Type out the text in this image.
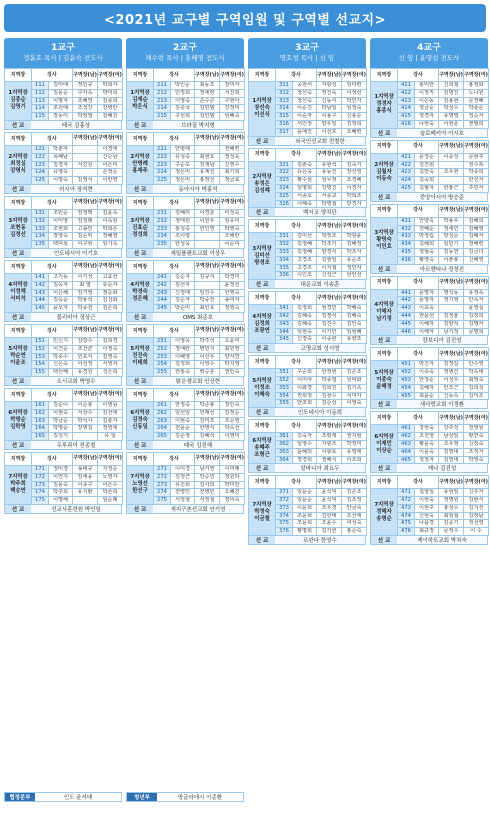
<2021년 교구별 구역임원 및 구역별 선교지>
1교구
정윤호 목사 | 김윤숙 전도사
지역장	강사		구역장(남)	구역장(여)
1지역장
김종순
김영기	111	김미애	정민규	박희자
	112	김윤순	구자옥	박미희
	113	이명자	조혜연	김종희
	114	조원예	조성강	강영란
	115	장동미	박정열	김혜진
선 교	태국 김홍상
지역장	강사		구역장(남)	구역장(여)
2지역장
최정실
강명식	121	박춘자		이경애
	122	목혜남		신순남
	123	김경자	서진원	이은미
	124	유영옥		손정순
	125	이명숙	김영식	이란영
선 교	러시아 장석현
지역장	강사		구역장(남)	구역장(여)
3지역장
조현동
김정선	131	조민순	김정택	김윤옥
	132	이미영	김정래	이옥임
	133	조현희	고송민	박희은
	134	장영숙	김순익	정혜영
	135	백덕심	이구현	임가옥
선 교	인도네시아 이기호
지역장	강사		구역장(남)	구역장(여)
4지역장
이정해
서미석	141	고기동	이기성	고효선
	142	김옥자	최 열	류순자
	143	이은혜	김기영	정승화
	144	김옥순	박용석	김성화
	145	윤오자	박종천	김은희
선 교	불리비아 정상근
지역장	강사		구역장(남)	구역장(여)
5지역장
박순연
이윤조	151	민신기	강장수	김희경
	152	이건순	조찬균	이정숙
	153	박종수	민호식	김영숙
	154	신은숙	이선정	서영자
	155	백선혜	유경원	성은희
선 교	소시교회 박영수
지역장	강사		구역장(남)	구역장(여)
6지역장
박명순
김학영	161	김순이	이순봉	이병님
	162	이현숙	서상수	김선애
	163	박금순	박석사	김충자
	164	박명순	장명집	정영애
	165	김진기		유 일
선 교	우루과이 전종철
지역장	강사		구역장(남)	구역장(여)
7지역장
박주희
백승연	171	정미경	송태규	지정순
	172	이연지	김세웅	노영자
	173	김윤숙	이종구	이은수
	174	박주희	유기환	박존희
	175	이명해		임순례
선 교	선교사훈련원 박인일
2교구
채수련 목사 | 홍혜영 전도사
지역장	강사		구역장(남)	구역장(여)
1지역장
김재순
박은식	211	박인순	최동조	장미자
	212	민정희	정세령	서진희
	213	이영숙	손수곤	구현아
	214	김종국	김민범	강정미
	215	구선희	김인범	임혜숙
선 교	브라질 박지형
지역장	강사		구역장(남)	구역장(여)
2지역장
안병례
홍재주	221	안병례		전혜련
	222	유성숙	최현호	정성옥
	223	구순도	김재남	신영수
	224	정은미	유계진	최기희
	225	정은미	홍정선	정금효
선 교	동아시아 박홍석
지역장	강사		구역장(남)	구역장(여)
3지역장
진효순
정성희	231	김혜리	이경훈	이성숙
	232	정태원	이원우	임유미
	233	홍성숙	한인영	박영숙
	234	조이령		조해란
	235	한성옥		이순미
선 교	세일플랜트교회 이상우
지역장	강사		구역장(남)	구역장(여)
4지역장
박경숙
정은혜	241	김순자	김규식	박경미
	242	김선자		윤정선
	243	신정애	임진수	한영숙
	244	김순자	박중전	송미자
	245	박순미	최인호	정영숙
선 교	OMS 최준호
지역장	강사		구역장(남)	구역장(여)
5지역장
전진숙
이태희	251	이영옥	박주석	오윤미
	252	정애란	변민식	최민영
	253	이혜영	이선우	양서연
	254	김정희	이영수	박지영
	255	권홍숙	백승훈	권인숙
선 교	맑은샘교회 인상현
지역장	강사		구역장(남)	구역장(여)
6지역장
김정숙
신동일	261	한정숙	박준봉	정인숙
	262	임선임	민재선	김정순
	263	이현숙	김미조	조순영
	264	전윤순	한명식	박옥선
	265	김준정	김혜석	이영미
선 교	태국 김진해
지역장	강사		구역장(남)	구역장(여)
7지역장
노영선
한선구	271	이미경	남기영	이미례
	272	김정근	안승민	정원하
	273	유진희	김사희	박미란
	274	전병민	전병민	오혜진
	275	서정철	서정철	정미숙
선 교	새지구촌선교회 안기영
3교구
명호성 목사 | 신 임
지역장	강사		구역장(남)	구역장(여)
1지역장
장선숙
이선식	311	공현서	자광성	임미련
	312	장선숙	정진욱	이정선
	313	장선숙	신동식	박민자
	314	이순진	박남일	임정숙
	315	이순자	이용구	신용순
	316	서민정	양우일	김정희
	317	윤예진	이선호	조혜련
선 교	외국인선교회 전철한
지역장	강사		구역장(남)	구역장(여)
2지역장
송정은
김성혜	321	김춘숙	유현석	김숙기
	322	유은옥	유동진	장선영
	323	황수심	임무정	조경혜
	324	임명희	강명진	이경자
	325	서종호	서종교	박희조
	326	이혜숙	박명철	방경자
선 교	백시코 양치단
지역장	강사		구역장(남)	구역장(여)
3지역장
김미선
방경조	331	김미선	박정조	박광윤
	332	김정혜	박조기	김혜정
	333	김정혜	양경식	박조자
	334	고경조	김현일	유순조
	335	고경조	이지철	정민자
	336	이인조	신성근	한인선
선 교	대운교회 이송훈
지역장	강사		구역장(남)	구역장(여)
4지역장
김정희
조광연	341	김정희	엄경민	박혜숙
	342	김혜숙	김정식	김혜숙
	343	김혜숙	김진수	김인숙
	344	임현숙	이기만	임현혜
	345	신정숙	이중관	유향조
선 교	고명교회 성시영
지역장	강사		구역장(남)	구역장(여)
5지역장
이정조
이혜숙	351	구순희	한정현	김은조
	352	이미야	박종열	원덕화
	353	이화경	김희진	김기옥
	354	권희정	김창수	서미자
	355	안조희	김순성	이영숙
선 교	인도네시아 이동희
지역장	강사		구역장(남)	구역장(여)
6지역장
송혜주
조형근	361	김숙자	조평재	권지현
	362	임영수	자광조	박정미
	363	윤혜희	이광효	유영애
	364	정경희	권혜식	이조희
선 교	알바니아 최요두
지역장	강사		구역장(남)	구역장(여)
7지역장
박정숙
이금철	371	임윤순	윤석덕	김은조
	372	임윤순	윤석덕	김조정
	373	이윤희	조우경	안금숙
	374	조윤희	김한태	조선애
	375	조윤희	조윤수	여성숙
	376	황명희	김기헌	홍순숙
선 교	르완다 한영수
4교구
신 임 | 윤영섭 전도사
지역장	강사		구역장(남)	구역장(여)
1지역장
정경자
홍종식	411	홍미란	신희철	홍정화
	412	이정직	김명진	노나원
	413	이은동	김용현	문정혜
	414	정금순	박성수	박종순
	415	정경자	유명열	정순자
	416	나현숙	이현운	권필희
선 교	슬로베키아 이시호
지역장	강사		구역장(남)	구역장(여)
2지역장
김월자
이동숙	421	문정순	이종성	문현주
	422	김진희		전수복
	423	김면숙	조우현	박종희
	424	김숙희		한선자
	425	김월자	한홍근	주민자
선 교	중앙아시아 방승준
지역장	강사		구역장(남)	구역장(여)
3지역장
황영숙
이민호	431	안양숙	박용우	김혜희
	432	전혜순	정세민	김혜영
	433	박정림	방성순	김해자
	434	김혜희	임민기	전해련
	435	정형숙	김동연	김금녀
	436	황영숙	이춘봉	신해영
선 교	아르헨티나 정성진
지역장	강사		구역장(남)	구역장(여)
4지역장
이해자
남기정	441	문명자	명석동	유정옥
	442	문영자	정기영	안옥자
	443	이효숙		윤영실
	444	권윤선	김정율	김정희
	445	이혜자	김양석	김명자
	446	이해자	남기정	문명희
선 교	캄보디아 김진성
지역장	강사		구역장(남)	구역장(여)
5지역장
이종숙
윤혜정	451	박진자	김정길	안수영
	452	이종숙	정병진	박옥태
	453	안정순	이성우	최영숙
	454	김혜자	안조근	김희성
	455	최윤순	신동옥	김미조
선 교	새사랑교회 이정환
지역장	강사		구역장(남)	구역장(여)
6지역장
이재민
이상순	461	강현숙	강주성	전영원
	462	조진영	남상일	황연숙
	463	황윤숙	조우영	신정숙
	464	이윤숙	김영대	조정자
	465	정정자	김영대	박영숙
선 교	캐나 김진성
지역장	강사		구역장(남)	구역장(여)
7지역장
정혜자
송명순	471	설영심	유현일	신주자
	472	이현숙	정명원	김현식
	473	이현주	홍성수	김기선
	474	신현숙	최현철	김정남
	475	나윤경	김중기	정선영
	476	최규정	문정수	이 수
선 교	제이하트교회 박치숙
협정분부	인도 윤서태	청년부	방글라데시 이종환
